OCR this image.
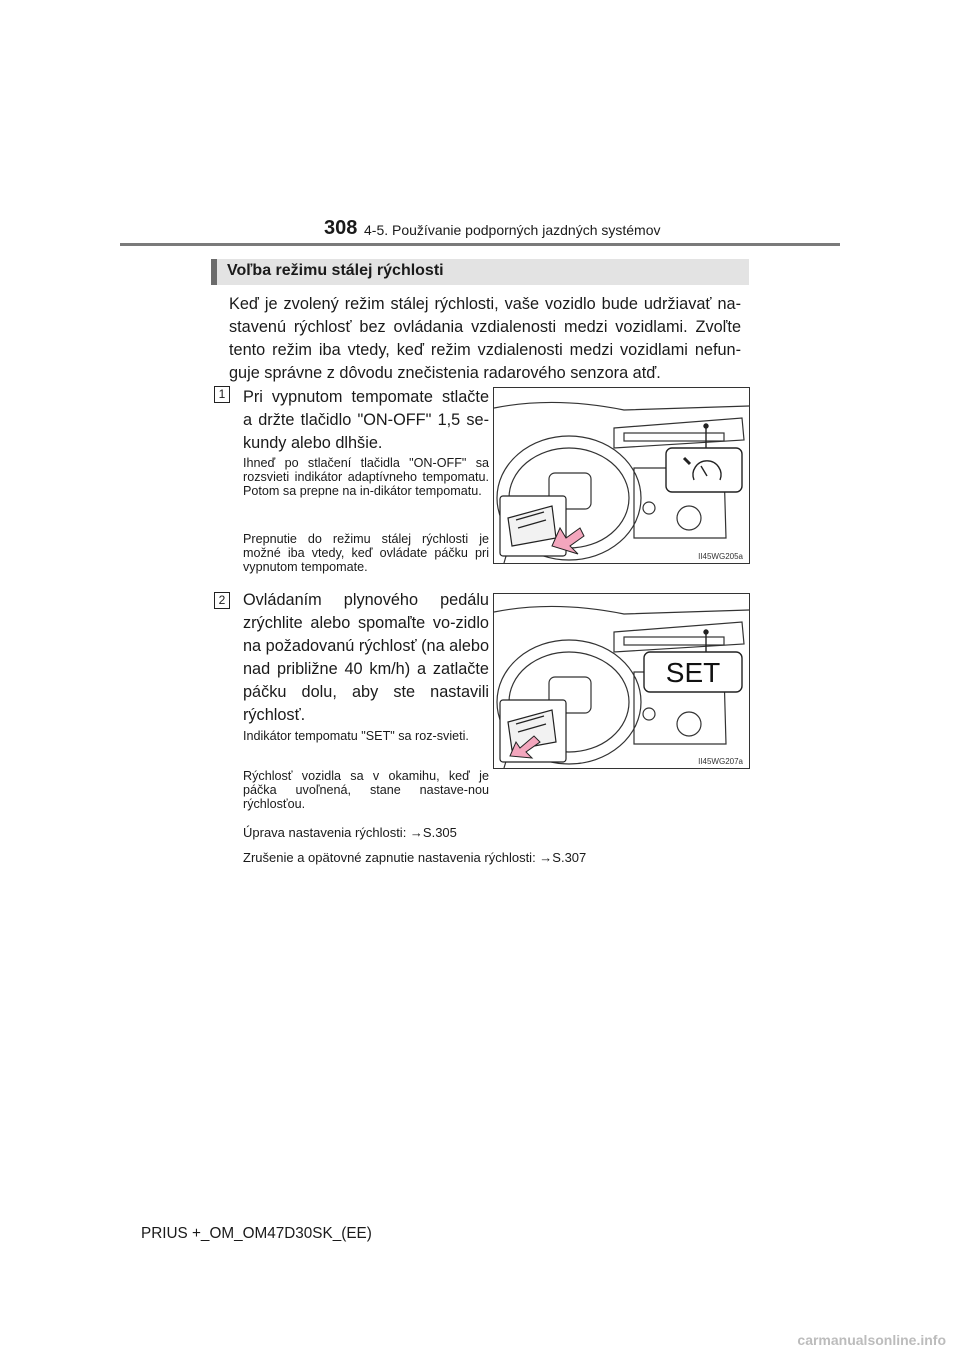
308 4-5. Používanie podporných jazdných systémov
Voľba režimu stálej rýchlosti

Keď je zvolený režim stálej rýchlosti, vaše vozidlo bude udržiavať na-stavenú rýchlosť bez ovládania vzdialenosti medzi vozidlami. Zvoľte tento režim iba vtedy, keď režim vzdialenosti medzi vozidlami nefun-guje správne z dôvodu znečistenia radarového senzora atď.

1 Pri vypnutom tempomate stlačte a držte tlačidlo "ON-OFF" 1,5 se-kundy alebo dlhšie.

Ihneď po stlačení tlačidla "ON-OFF" sa rozsvieti indikátor adaptívneho tempomatu. Potom sa prepne na in-dikátor tempomatu.

Prepnutie do režimu stálej rýchlosti je možné iba vtedy, keď ovládate páčku pri vypnutom tempomate.

II45WG205a
2 Ovládaním plynového pedálu zrýchlite alebo spomaľte vo-zidlo na požadovanú rýchlosť (na alebo nad približne 40 km/h) a zatlačte páčku dolu, aby ste nastavili rýchlosť.

Indikátor tempomatu "SET" sa roz-svieti.

Rýchlosť vozidla sa v okamihu, keď je páčka uvoľnená, stane nastave-nou rýchlosťou.

SET
II45WG207a

Úprava nastavenia rýchlosti: →S.305

Zrušenie a opätovné zapnutie nastavenia rýchlosti: →S.307

PRIUS +_OM_OM47D30SK_(EE)
carmanualsonline.info
